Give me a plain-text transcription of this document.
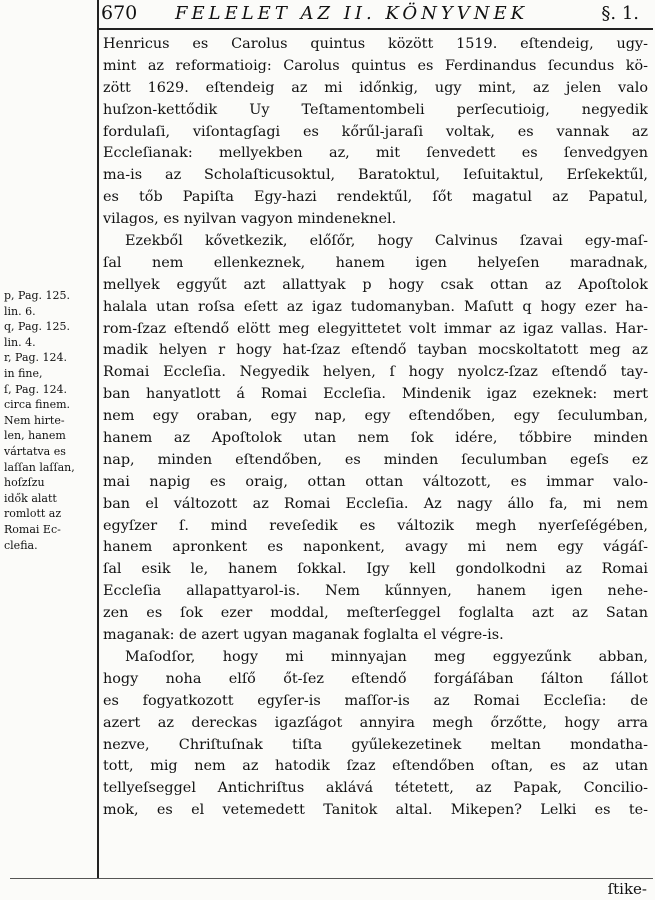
670 FELELET AZ II. KÖNYVNEK	§. 1.
p, Pag. 125.
lin. 6.
q, Pag. 125.
lin. 4.
r, Pag. 124.
in fine,
ſ, Pag. 124.
circa finem.
Nem hirte-
len, hanem
vártatva es
laſſan laſſan,
hoſzſzu
idők alatt
romlott az
Romai Ec-
clefia.
Henricus es Carolus quintus között 1519. eſtendeig, ugy-
mint az reformatioig: Carolus quintus es Ferdinandus ſecundus kö-
zött 1629. eſtendeig az mi időnkig, ugy mint, az jelen valo
huſzon-kettődik Uy Teſtamentombeli perſecutioig, negyedik
fordulaſi, viſontagſagi es kőrűl-jaraſi voltak, es vannak az
Eccleſianak: mellyekben az, mit ſenvedett es ſenvedgyen
ma-is az Scholaſticusoktul, Baratoktul, Ieſuitaktul, Erſekektűl,
es tőb Papiſta Egy-hazi rendektűl, ſőt magatul az Papatul,
vilagos, es nyilvan vagyon mindeneknel.
Ezekből kővetkezik, előſőr, hogy Calvinus ſzavai egy-maſ-
ſal nem ellenkeznek, hanem igen helyeſen maradnak,
mellyek eggyűt azt allattyak p hogy csak ottan az Apoſtolok
halala utan roſsa eſett az igaz tudomanyban. Maſutt q hogy ezer ha-
rom-ſzaz eſtendő elött meg elegyittetet volt immar az igaz vallas. Har-
madik helyen r hogy hat-ſzaz eſtendő tayban mocskoltatott meg az
Romai Eccleſia. Negyedik helyen, ſ hogy nyolcz-ſzaz eſtendő tay-
ban hanyatlott á Romai Eccleſia. Mindenik igaz ezeknek: mert
nem egy oraban, egy nap, egy eſtendőben, egy ſeculumban,
hanem az Apoſtolok utan nem ſok idére, tőbbire minden
nap, minden eſtendőben, es minden ſeculumban egeſs ez
mai napig es oraig, ottan ottan változott, es immar valo-
ban el változott az Romai Eccleſia. Az nagy állo fa, mi nem
egyſzer ſ. mind reveſedik es változik megh nyerſeſégében,
hanem apronkent es naponkent, avagy mi nem egy vágáſ-
ſal esik le, hanem ſokkal. Igy kell gondolkodni az Romai
Eccleſia allapattyarol-is. Nem kűnnyen, hanem igen nehe-
zen es ſok ezer moddal, meſterſeggel foglalta azt az Satan
maganak: de azert ugyan maganak foglalta el végre-is.
Maſodſor, hogy mi minnyajan meg eggyezűnk abban,
hogy noha elſő őt-ſez eſtendő forgáſában ſálton ſállot
es fogyatkozott egyſer-is maſſor-is az Romai Eccleſia: de
azert az dereckas igazſágot annyira megh őrzőtte, hogy arra
nezve, Chriſtuſnak tiſta gyűlekezetinek meltan mondatha-
tott, mig nem az hatodik ſzaz eſtendőben oſtan, es az utan
tellyeſseggel Antichriſtus aklává tétetett, az Papak, Concilio-
mok, es el vetemedett Tanitok altal. Mikepen? Lelki es te-
ſtike-
